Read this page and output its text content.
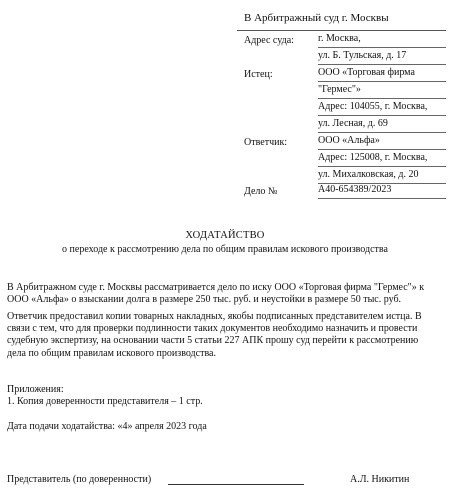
В Арбитражный суд г. Москвы
Адрес суда: г. Москва,
ул. Б. Тульская, д. 17
Истец:	ООО «Торговая фирма
"Гермес"»
Адрес: 104055, г. Москва,
ул. Лесная, д. 69
Ответчик:	ООО «Альфа»
Адрес: 125008, г. Москва,
ул. Михалковская, д. 20
Дело №	А40-654389/2023
ХОДАТАЙСТВО
о переходе к рассмотрению дела по общим правилам искового производства
В Арбитражном суде г. Москвы рассматривается дело по иску ООО «Торговая фирма "Гермес"» к
ООО «Альфа» о взыскании долга в размере 250 тыс. руб. и неустойки в размере 50 тыс. руб.
Ответчик предоставил копии товарных накладных, якобы подписанных представителем истца. В
связи с тем, что для проверки подлинности таких документов необходимо назначить и провести
судебную экспертизу, на основании части 5 статьи 227 АПК прошу суд перейти к рассмотрению
дела по общим правилам искового производства.
Приложения:
1. Копия доверенности представителя – 1 стр.
Дата подачи ходатайства: «4» апреля 2023 года
Представитель (по доверенности)	А.Л. Никитин
